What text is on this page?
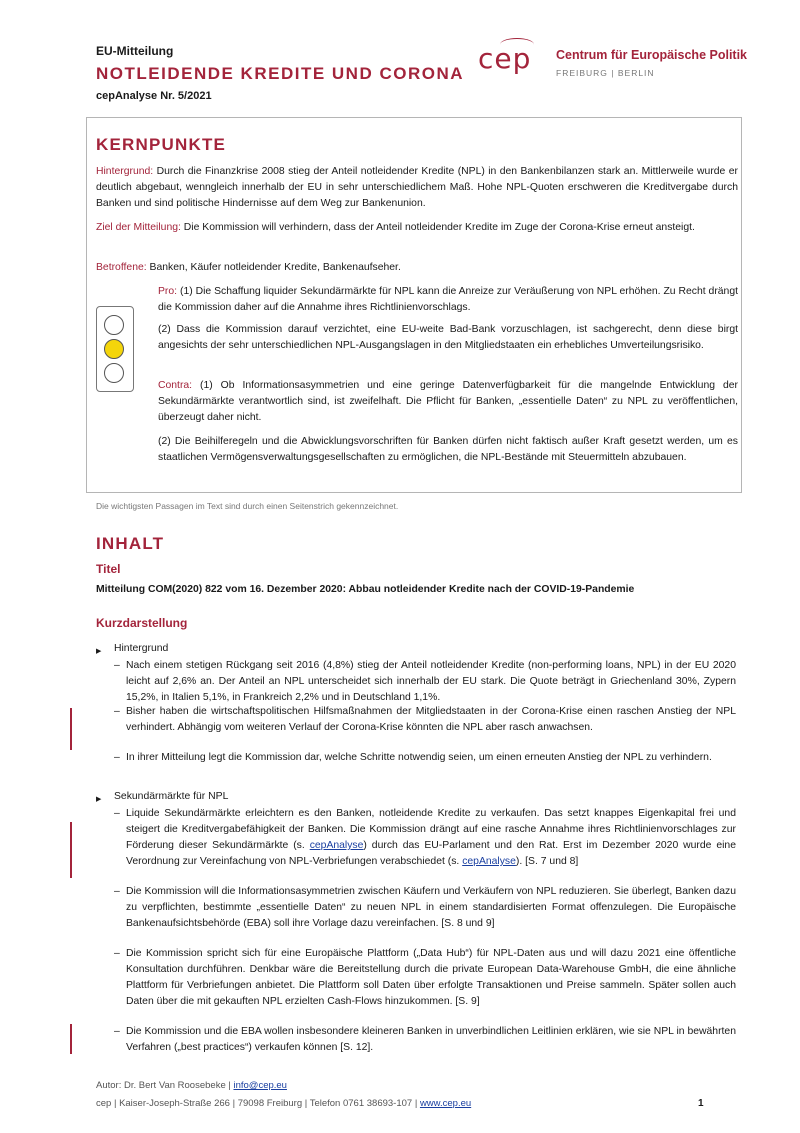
EU-Mitteilung
NOTLEIDENDE KREDITE UND CORONA
cepAnalyse Nr. 5/2021
cep Centrum für Europäische Politik
FREIBURG | BERLIN
KERNPUNKTE
Hintergrund: Durch die Finanzkrise 2008 stieg der Anteil notleidender Kredite (NPL) in den Bankenbilanzen stark an. Mittlerweile wurde er deutlich abgebaut, wenngleich innerhalb der EU in sehr unterschiedlichem Maß. Hohe NPL-Quoten erschweren die Kreditvergabe durch Banken und sind politische Hindernisse auf dem Weg zur Bankenunion.
Ziel der Mitteilung: Die Kommission will verhindern, dass der Anteil notleidender Kredite im Zuge der Corona-Krise erneut ansteigt.
Betroffene: Banken, Käufer notleidender Kredite, Bankenaufseher.
Pro: (1) Die Schaffung liquider Sekundärmärkte für NPL kann die Anreize zur Veräußerung von NPL erhöhen. Zu Recht drängt die Kommission daher auf die Annahme ihres Richtlinienvorschlags.
(2) Dass die Kommission darauf verzichtet, eine EU-weite Bad-Bank vorzuschlagen, ist sachgerecht, denn diese birgt angesichts der sehr unterschiedlichen NPL-Ausgangslagen in den Mitgliedstaaten ein erhebliches Umverteilungsrisiko.
Contra: (1) Ob Informationsasymmetrien und eine geringe Datenverfügbarkeit für die mangelnde Entwicklung der Sekundärmärkte verantwortlich sind, ist zweifelhaft. Die Pflicht für Banken, „essentielle Daten“ zu NPL zu veröffentlichen, überzeugt daher nicht.
(2) Die Beihilferegeln und die Abwicklungsvorschriften für Banken dürfen nicht faktisch außer Kraft gesetzt werden, um es staatlichen Vermögensverwaltungsgesellschaften zu ermöglichen, die NPL-Bestände mit Steuermitteln abzubauen.
Die wichtigsten Passagen im Text sind durch einen Seitenstrich gekennzeichnet.
INHALT
Titel
Mitteilung COM(2020) 822 vom 16. Dezember 2020: Abbau notleidender Kredite nach der COVID-19-Pandemie
Kurzdarstellung
▶ Hintergrund
– Nach einem stetigen Rückgang seit 2016 (4,8%) stieg der Anteil notleidender Kredite (non-performing loans, NPL) in der EU 2020 leicht auf 2,6% an. Der Anteil an NPL unterscheidet sich innerhalb der EU stark. Die Quote beträgt in Griechenland 30%, Zypern 15,2%, in Italien 5,1%, in Frankreich 2,2% und in Deutschland 1,1%.
– Bisher haben die wirtschaftspolitischen Hilfsmaßnahmen der Mitgliedstaaten in der Corona-Krise einen raschen Anstieg der NPL verhindert. Abhängig vom weiteren Verlauf der Corona-Krise könnten die NPL aber rasch anwachsen.
– In ihrer Mitteilung legt die Kommission dar, welche Schritte notwendig seien, um einen erneuten Anstieg der NPL zu verhindern.
▶ Sekundärmärkte für NPL
– Liquide Sekundärmärkte erleichtern es den Banken, notleidende Kredite zu verkaufen. Das setzt knappes Eigenkapital frei und steigert die Kreditvergabefähigkeit der Banken. Die Kommission drängt auf eine rasche Annahme ihres Richtlinienvorschlages zur Förderung dieser Sekundärmärkte (s. cepAnalyse) durch das EU-Parlament und den Rat. Erst im Dezember 2020 wurde eine Verordnung zur Vereinfachung von NPL-Verbriefungen verabschiedet (s. cepAnalyse). [S. 7 und 8]
– Die Kommission will die Informationsasymmetrien zwischen Käufern und Verkäufern von NPL reduzieren. Sie überlegt, Banken dazu zu verpflichten, bestimmte „essentielle Daten“ zu neuen NPL in einem standardisierten Format offenzulegen. Die Europäische Bankenaufsichtsbehörde (EBA) soll ihre Vorlage dazu vereinfachen. [S. 8 und 9]
– Die Kommission spricht sich für eine Europäische Plattform („Data Hub“) für NPL-Daten aus und will dazu 2021 eine öffentliche Konsultation durchführen. Denkbar wäre die Bereitstellung durch die private European Data-Warehouse GmbH, die eine ähnliche Plattform für Verbriefungen anbietet. Die Plattform soll Daten über erfolgte Transaktionen und Preise sammeln. Später sollen auch Daten über die mit gekauften NPL erzielten Cash-Flows hinzukommen. [S. 9]
– Die Kommission und die EBA wollen insbesondere kleineren Banken in unverbindlichen Leitlinien erklären, wie sie NPL in bewährten Verfahren („best practices“) verkaufen können [S. 12].
Autor: Dr. Bert Van Roosebeke | info@cep.eu
cep | Kaiser-Joseph-Straße 266 | 79098 Freiburg | Telefon 0761 38693-107 | www.cep.eu	1
